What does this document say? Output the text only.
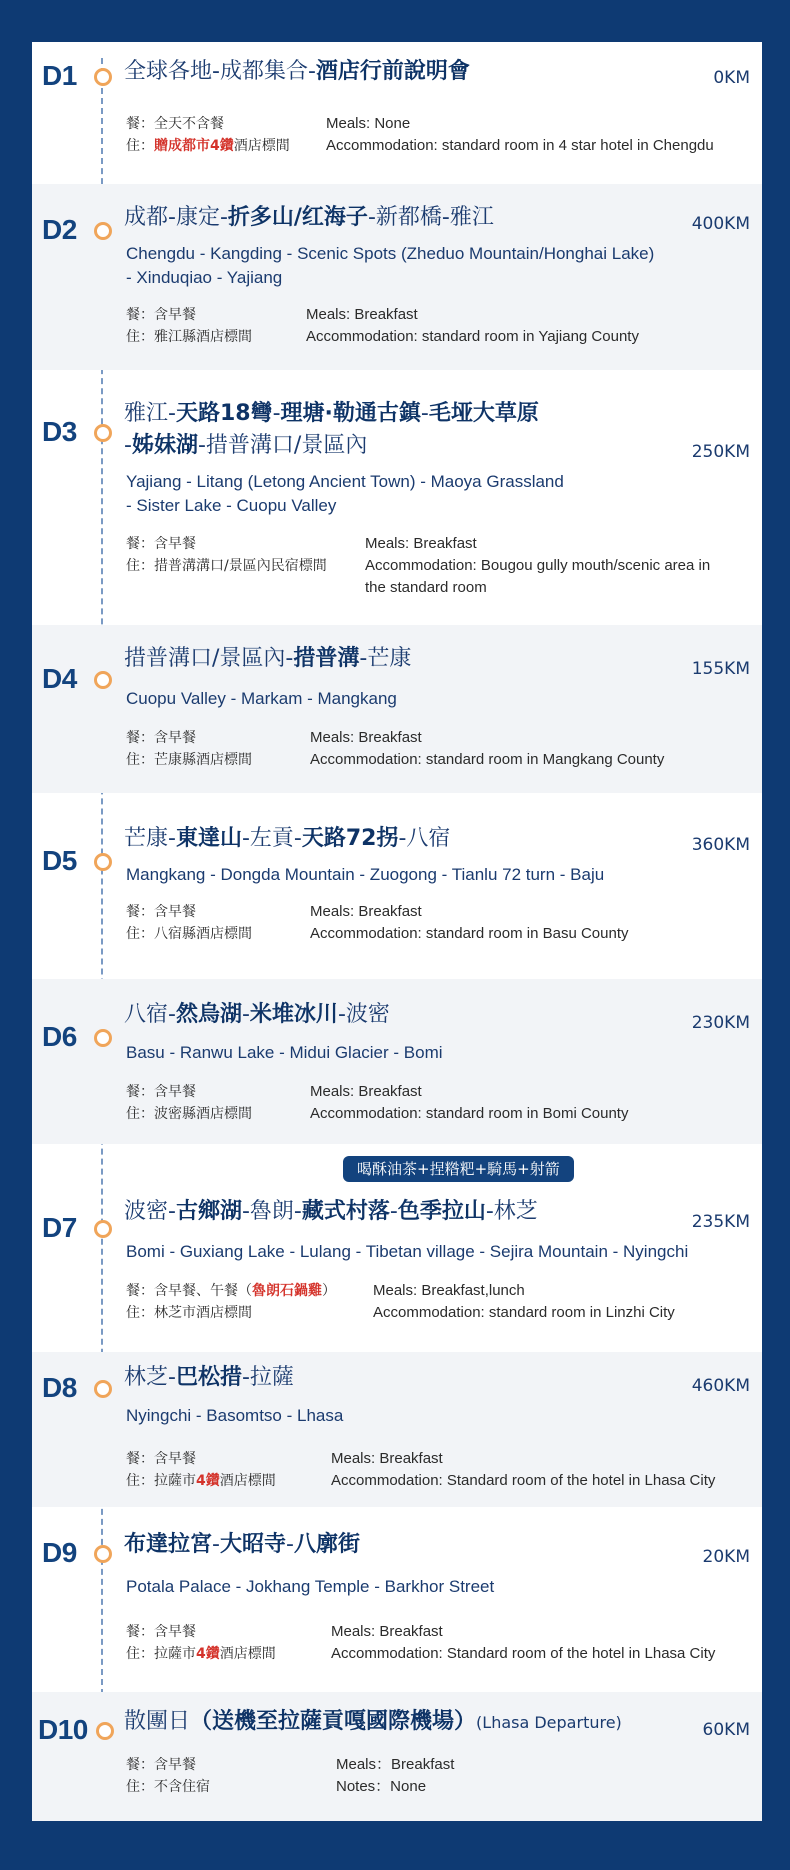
D1 全球各地-成都集合-酒店行前說明會	0KM
餐：全天不含餐
住：贈成都市4鑽酒店標間
Meals: None
Accommodation: standard room in 4 star hotel in Chengdu
D2 成都-康定-折多山/红海子-新都橋-雅江	400KM
Chengdu - Kangding - Scenic Spots (Zheduo Mountain/Honghai Lake)
- Xinduqiao - Yajiang
餐：含早餐
住：雅江縣酒店標間
Meals: Breakfast
Accommodation: standard room in Yajiang County
D3
雅江-天路18彎-理塘·勒通古鎮-毛垭大草原
-姊妹湖-措普溝口/景區內	250KM
Yajiang - Litang (Letong Ancient Town) - Maoya Grassland
- Sister Lake - Cuopu Valley
餐：含早餐
住：措普溝溝口/景區內民宿標間
Meals: Breakfast
Accommodation: Bougou gully mouth/scenic area in
the standard room
D4
措普溝口/景區內-措普溝-芒康	155KM
Cuopu Valley - Markam - Mangkang
餐：含早餐
住：芒康縣酒店標間
Meals: Breakfast
Accommodation: standard room in Mangkang County
D5
芒康-東達山-左貢-天路72拐-八宿	360KM
Mangkang - Dongda Mountain - Zuogong - Tianlu 72 turn - Baju
餐：含早餐
住：八宿縣酒店標間
Meals: Breakfast
Accommodation: standard room in Basu County
D6
八宿-然烏湖-米堆冰川-波密	230KM
Basu - Ranwu Lake - Midui Glacier - Bomi
餐：含早餐
住：波密縣酒店標間
Meals: Breakfast
Accommodation: standard room in Bomi County
喝酥油茶+捏糌粑+騎馬+射箭
D7
波密-古鄉湖-魯朗-藏式村落-色季拉山-林芝	235KM
Bomi - Guxiang Lake - Lulang - Tibetan village - Sejira Mountain - Nyingchi
餐：含早餐、午餐（魯朗石鍋雞）
住：林芝市酒店標間
Meals: Breakfast,lunch
Accommodation: standard room in Linzhi City
D8 林芝-巴松措-拉薩	460KM
Nyingchi - Basomtso - Lhasa
餐：含早餐
住：拉薩市4鑽酒店標間
Meals: Breakfast
Accommodation: Standard room of the hotel in Lhasa City
D9 布達拉宮-大昭寺-八廓街	20KM
Potala Palace - Jokhang Temple - Barkhor Street
餐：含早餐
住：拉薩市4鑽酒店標間
Meals: Breakfast
Accommodation: Standard room of the hotel in Lhasa City
D10 散團日（送機至拉薩貢嘎國際機場）(Lhasa Departure)	60KM
餐：含早餐
住：不含住宿
Meals：Breakfast
Notes：None
